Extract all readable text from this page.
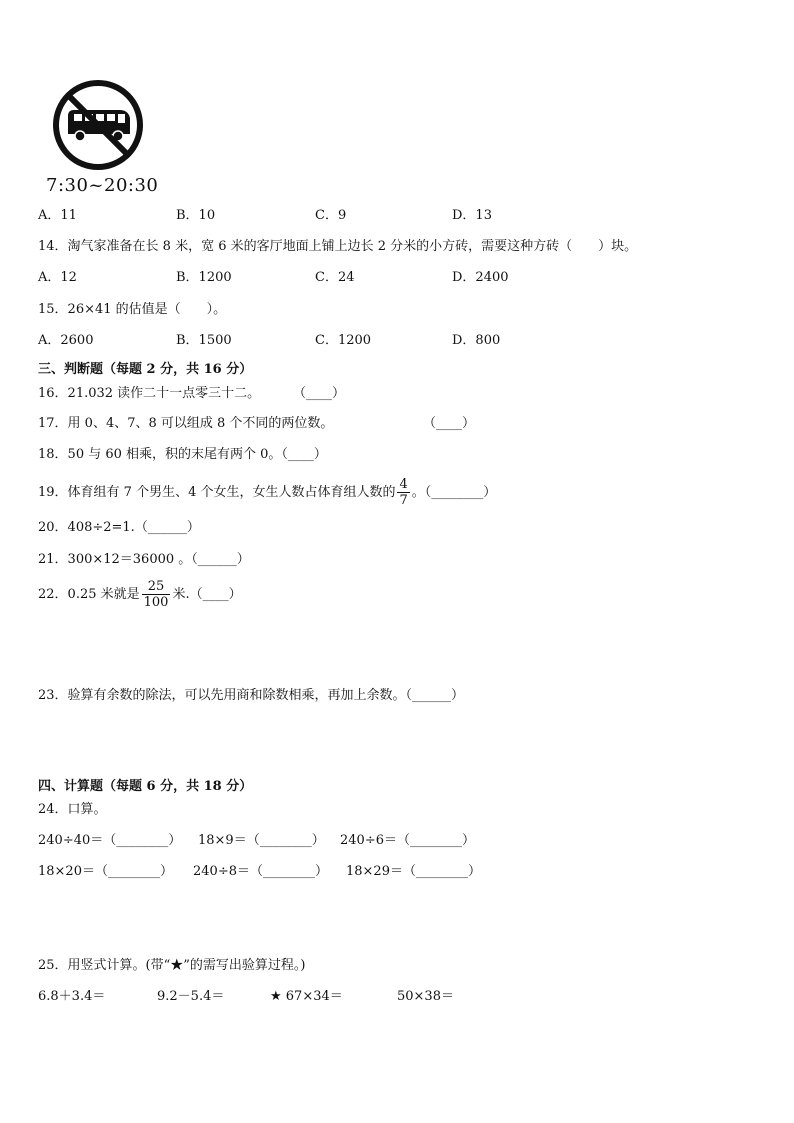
7:30~20:30
A．11	B．10	C．9	D．13
14．淘气家准备在长 8 米，宽 6 米的客厅地面上铺上边长 2 分米的小方砖，需要这种方砖（　　）块。
A．12	B．1200	C．24	D．2400
15．26×41 的估值是（　　）。
A．2600	B．1500	C．1200	D．800
三、判断题（每题 2 分，共 16 分）
16．21.032 读作二十一点零三十二。	（____）
17．用 0、4、7、8 可以组成 8 个不同的两位数。	（____）
18．50 与 60 相乘，积的末尾有两个 0。（____）
19．体育组有 7 个男生、4 个女生，女生人数占体育组人数的 $\frac{4}{7}$ 。（________）
20．408÷2=1.（______）
21．300×12＝36000 。（______）
22．0.25 米就是 $\frac{25}{100}$ 米.（____）
23．验算有余数的除法，可以先用商和除数相乘，再加上余数。（______）
四、计算题（每题 6 分，共 18 分）
24．口算。
240÷40＝（________） 18×9＝（________） 240÷6＝（________）
18×20＝（________） 240÷8＝（________） 18×29＝（________）
25．用竖式计算。(带“★”的需写出验算过程。)
6.8＋3.4＝	9.2－5.4＝	★ 67×34＝	50×38＝
